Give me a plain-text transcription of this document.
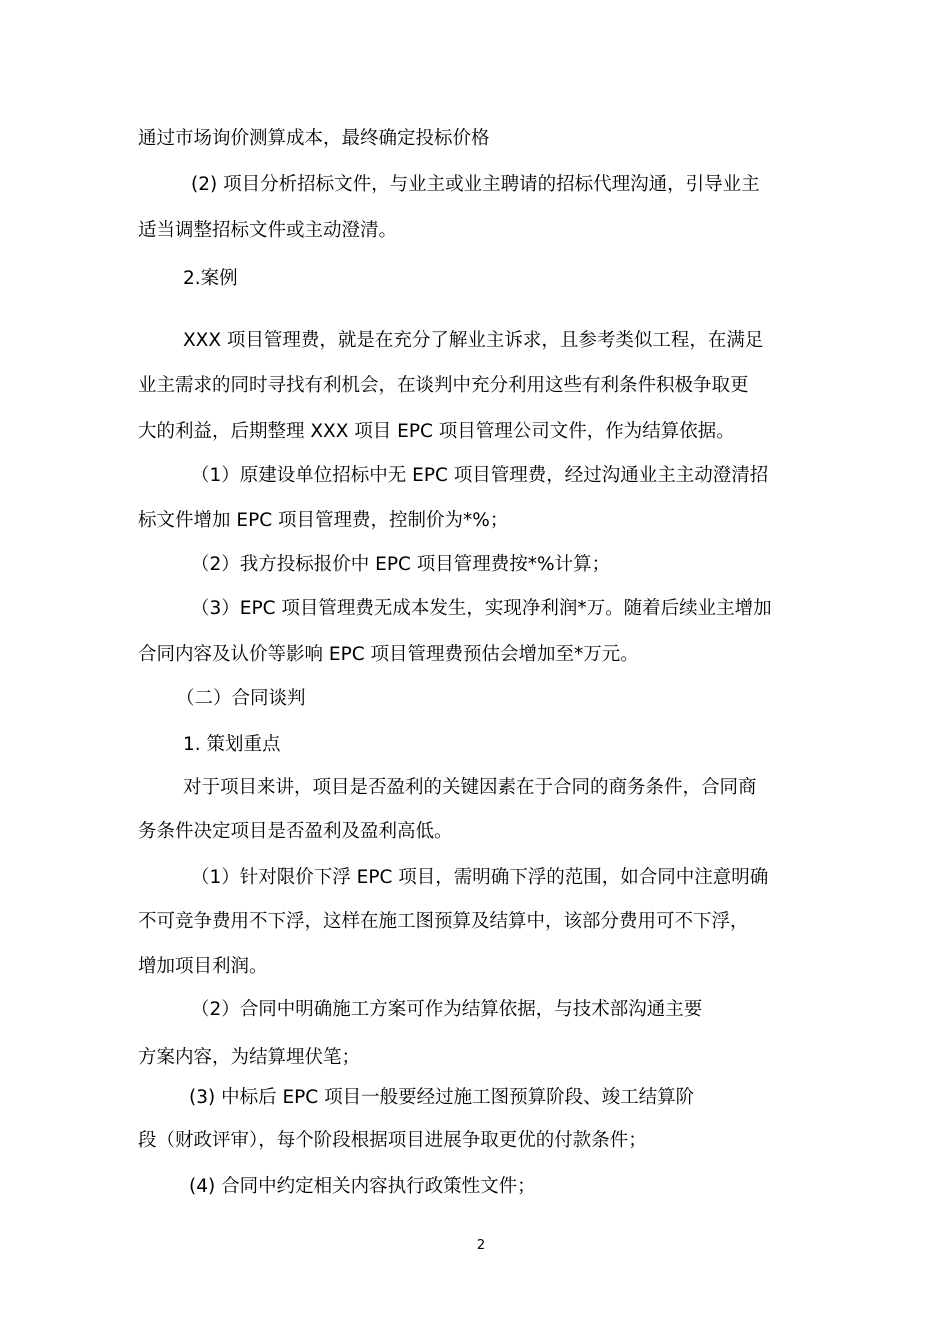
通过市场询价测算成本，最终确定投标价格
(2) 项目分析招标文件，与业主或业主聘请的招标代理沟通，引导业主
适当调整招标文件或主动澄清。
2.案例
XXX 项目管理费，就是在充分了解业主诉求，且参考类似工程，在满足
业主需求的同时寻找有利机会，在谈判中充分利用这些有利条件积极争取更
大的利益，后期整理 XXX 项目 EPC 项目管理公司文件，作为结算依据。
（1）原建设单位招标中无 EPC 项目管理费，经过沟通业主主动澄清招
标文件增加 EPC 项目管理费，控制价为*%；
（2）我方投标报价中 EPC 项目管理费按*%计算；
（3）EPC 项目管理费无成本发生，实现净利润*万。随着后续业主增加
合同内容及认价等影响 EPC 项目管理费预估会增加至*万元。
（二）合同谈判
1. 策划重点
对于项目来讲，项目是否盈利的关键因素在于合同的商务条件，合同商
务条件决定项目是否盈利及盈利高低。
（1）针对限价下浮 EPC 项目，需明确下浮的范围，如合同中注意明确
不可竞争费用不下浮，这样在施工图预算及结算中，该部分费用可不下浮，
增加项目利润。
（2）合同中明确施工方案可作为结算依据，与技术部沟通主要
方案内容，为结算埋伏笔；
(3) 中标后 EPC 项目一般要经过施工图预算阶段、竣工结算阶
段（财政评审），每个阶段根据项目进展争取更优的付款条件；
(4) 合同中约定相关内容执行政策性文件；
2
